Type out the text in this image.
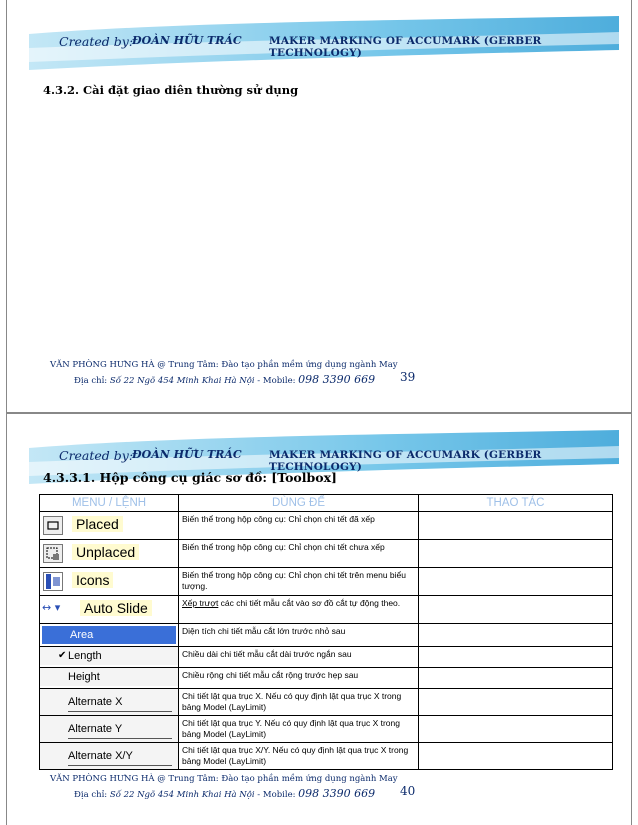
Created by:
ĐOÀN HỮU TRÁC	MAKER MARKING OF ACCUMARK (GERBER TECHNOLOGY)
4.3.2. Cài đặt giao diên thường sử dụng
VĂN PHÒNG HƯNG HÀ @ Trung Tâm: Đào tạo phần mềm ứng dụng ngành May
Địa chỉ: Số 22 Ngõ 454 Minh Khai Hà Nội - Mobile: 098 3390 669 39
Created by:
ĐOÀN HỮU TRÁC	MAKER MARKING OF ACCUMARK (GERBER TECHNOLOGY)
4.3.3.1. Hộp công cụ giác sơ đồ: [Toolbox]
MENU / LỆNH	DÙNG ĐỂ	THAO TÁC

Placed	Biến thể trong hộp công cụ: Chỉ chọn chi tết đã xếp	

Unplaced	Biến thể trong hộp công cụ: Chỉ chọn chi tết chưa xếp	

Icons	Biến thể trong hộp công cụ: Chỉ chọn chi tết trên menu biểu tượng.	

↔ ▾ Auto Slide	Xếp trượt các chi tiết mẫu cắt vào sơ đồ cắt tự động theo.	

Area	Diện tích chi tiết mẫu cắt lớn trước nhỏ sau	

✔ Length	Chiều dài chi tiết mẫu cắt dài trước ngắn sau	

Height	Chiều rộng chi tiết mẫu cắt rộng trước hẹp sau	

Alternate X	Chi tiết lật qua trục X. Nếu có quy định lật qua trục X trong bảng Model (LayLimit)	

Alternate Y	Chi tiết lật qua trục Y. Nếu có quy định lật qua trục X trong bảng Model (LayLimit)	

Alternate X/Y	Chi tiết lật qua trục X/Y. Nếu có quy định lật qua trục X trong bảng Model (LayLimit)	
VĂN PHÒNG HƯNG HÀ @ Trung Tâm: Đào tạo phần mềm ứng dụng ngành May
Địa chỉ: Số 22 Ngõ 454 Minh Khai Hà Nội - Mobile: 098 3390 669 40
